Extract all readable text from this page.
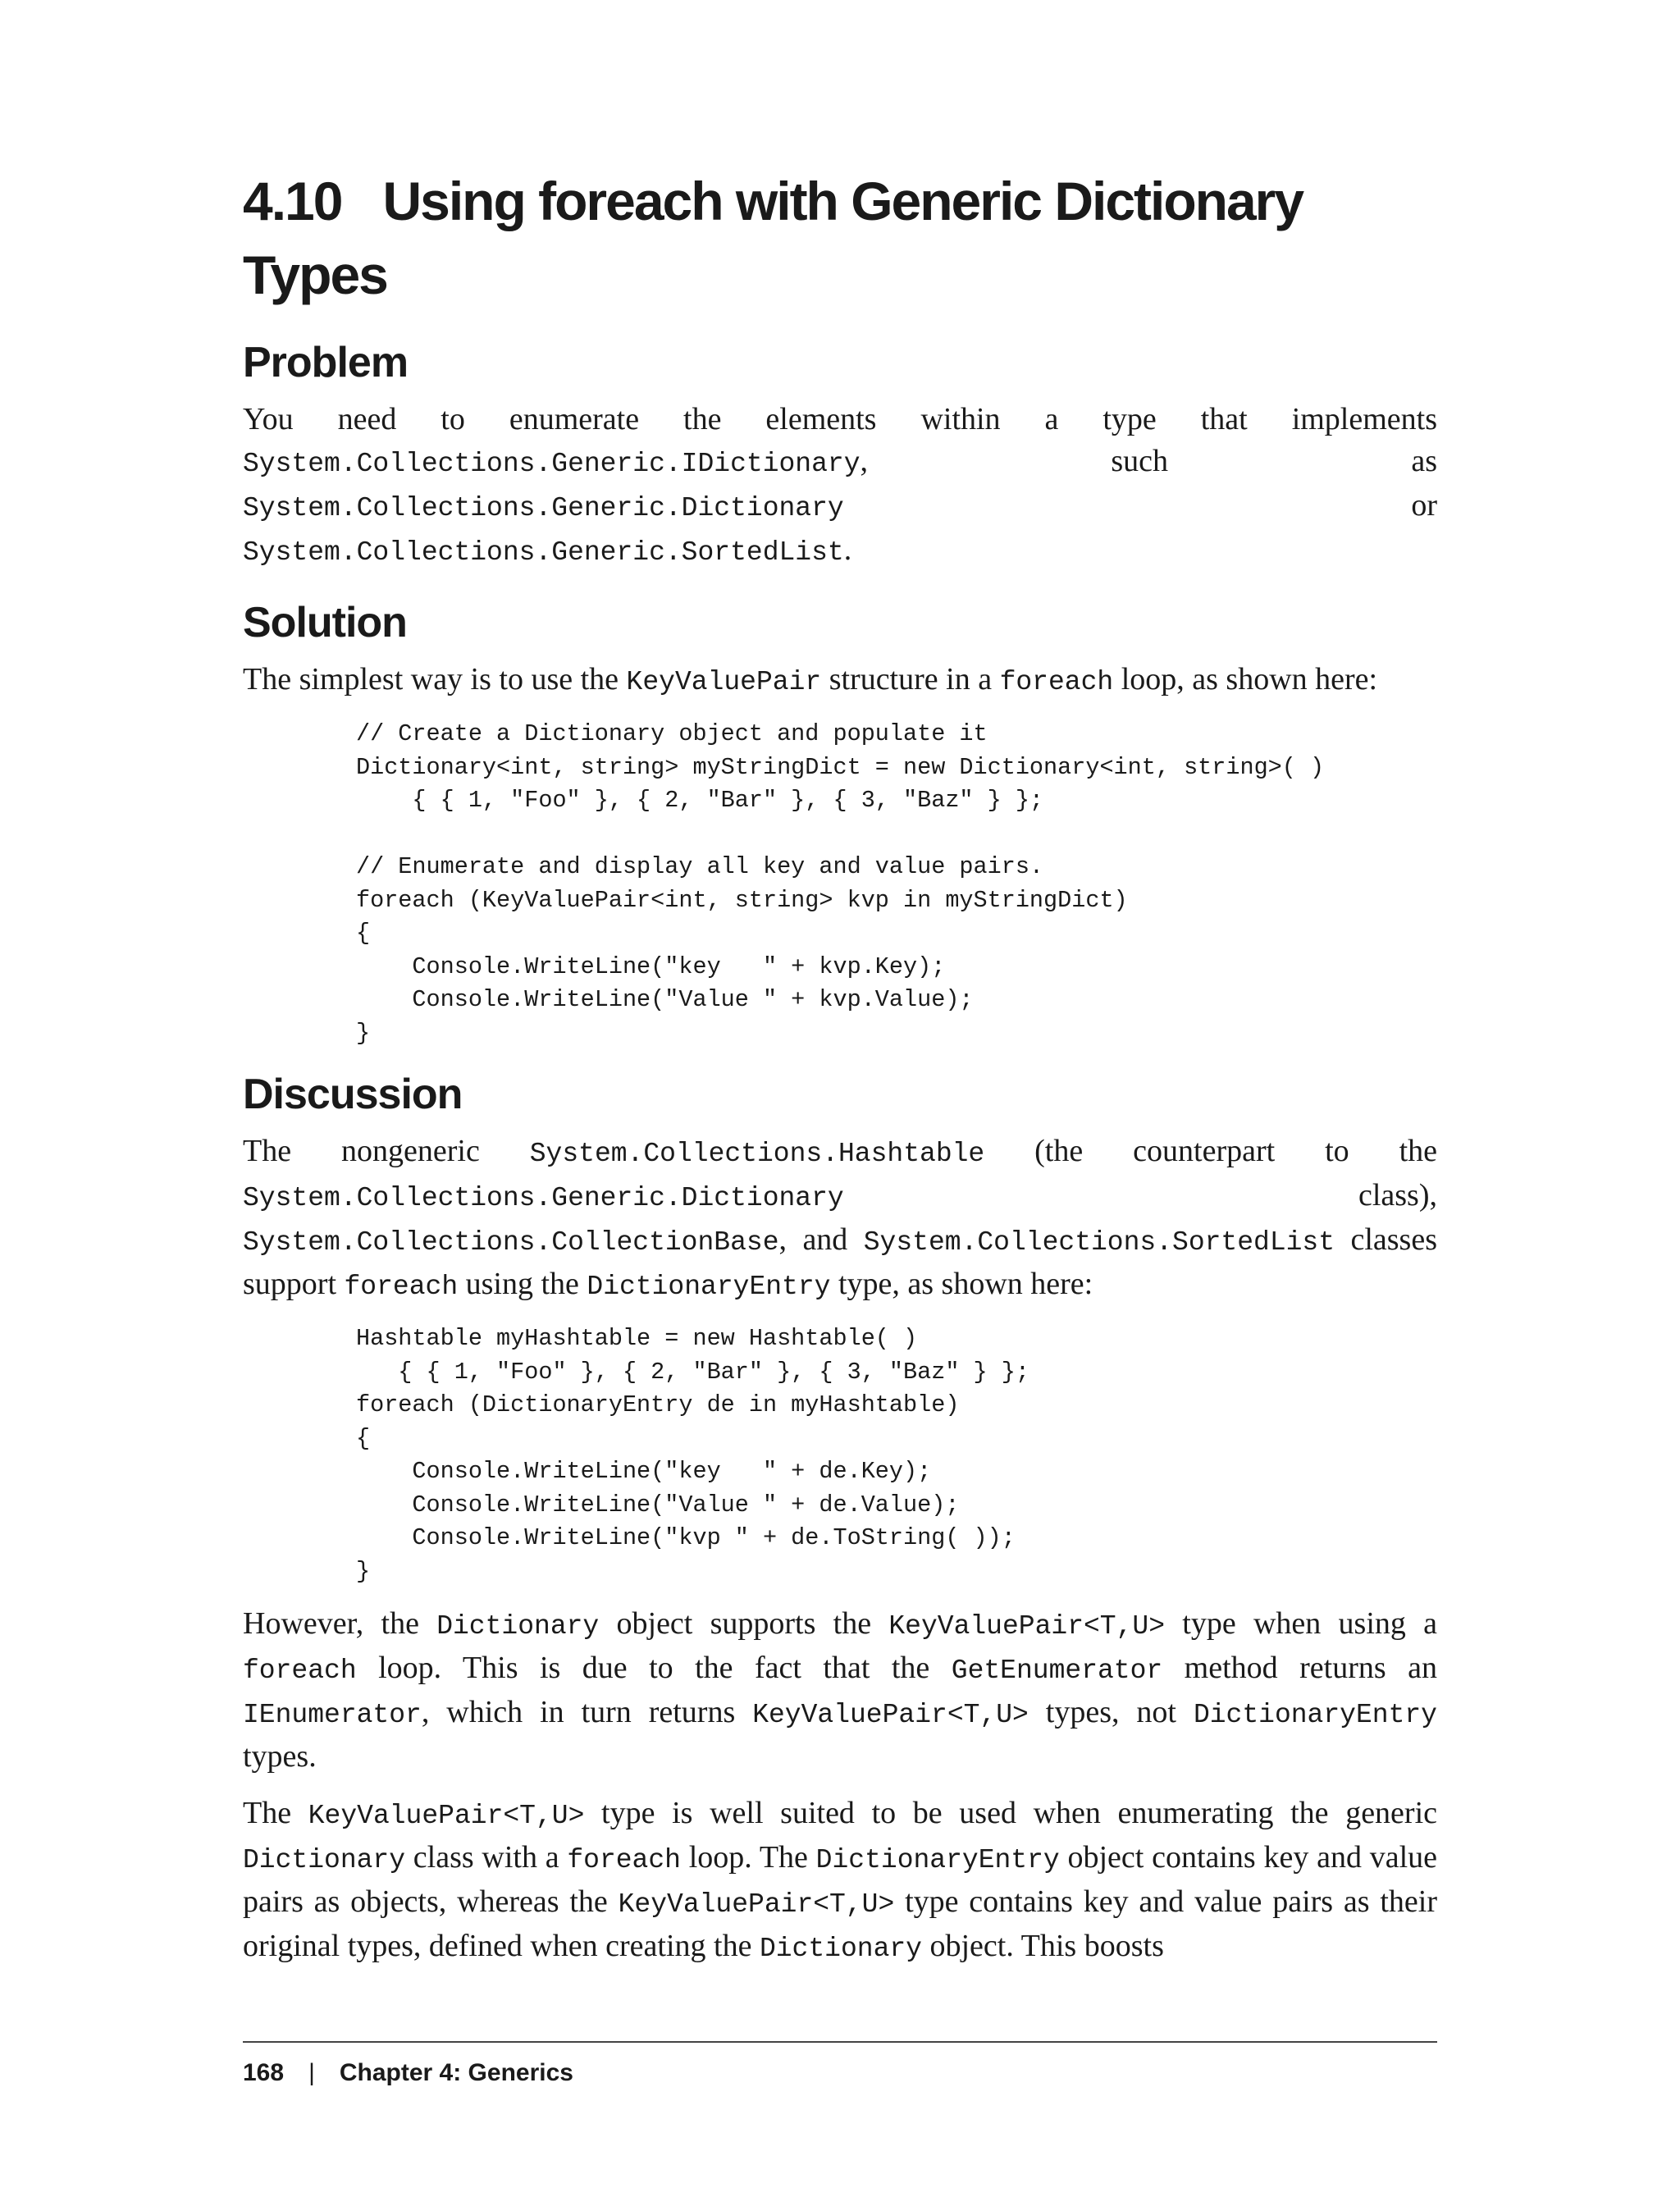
4.10 Using foreach with Generic Dictionary Types
Problem

You need to enumerate the elements within a type that implements System.Collections.Generic.IDictionary, such as System.Collections.Generic.Dictionary or System.Collections.Generic.SortedList.

Solution

The simplest way is to use the KeyValuePair structure in a foreach loop, as shown here:

// Create a Dictionary object and populate it
Dictionary<int, string> myStringDict = new Dictionary<int, string>( )
{ { 1, "Foo" }, { 2, "Bar" }, { 3, "Baz" } };

// Enumerate and display all key and value pairs.
foreach (KeyValuePair<int, string> kvp in myStringDict)
{
Console.WriteLine("key   " + kvp.Key);
Console.WriteLine("Value " + kvp.Value);
}
Discussion

The nongeneric System.Collections.Hashtable (the counterpart to the System.Collections.Generic.Dictionary class), System.Collections.CollectionBase, and System.Collections.SortedList classes support foreach using the DictionaryEntry type, as shown here:

Hashtable myHashtable = new Hashtable( )
{ { 1, "Foo" }, { 2, "Bar" }, { 3, "Baz" } };
foreach (DictionaryEntry de in myHashtable)
{
Console.WriteLine("key   " + de.Key);
Console.WriteLine("Value " + de.Value);
Console.WriteLine("kvp " + de.ToString( ));
}

However, the Dictionary object supports the KeyValuePair<T,U> type when using a foreach loop. This is due to the fact that the GetEnumerator method returns an IEnumerator, which in turn returns KeyValuePair<T,U> types, not DictionaryEntry types.

The KeyValuePair<T,U> type is well suited to be used when enumerating the generic Dictionary class with a foreach loop. The DictionaryEntry object contains key and value pairs as objects, whereas the KeyValuePair<T,U> type contains key and value pairs as their original types, defined when creating the Dictionary object. This boosts

168 | Chapter 4: Generics
